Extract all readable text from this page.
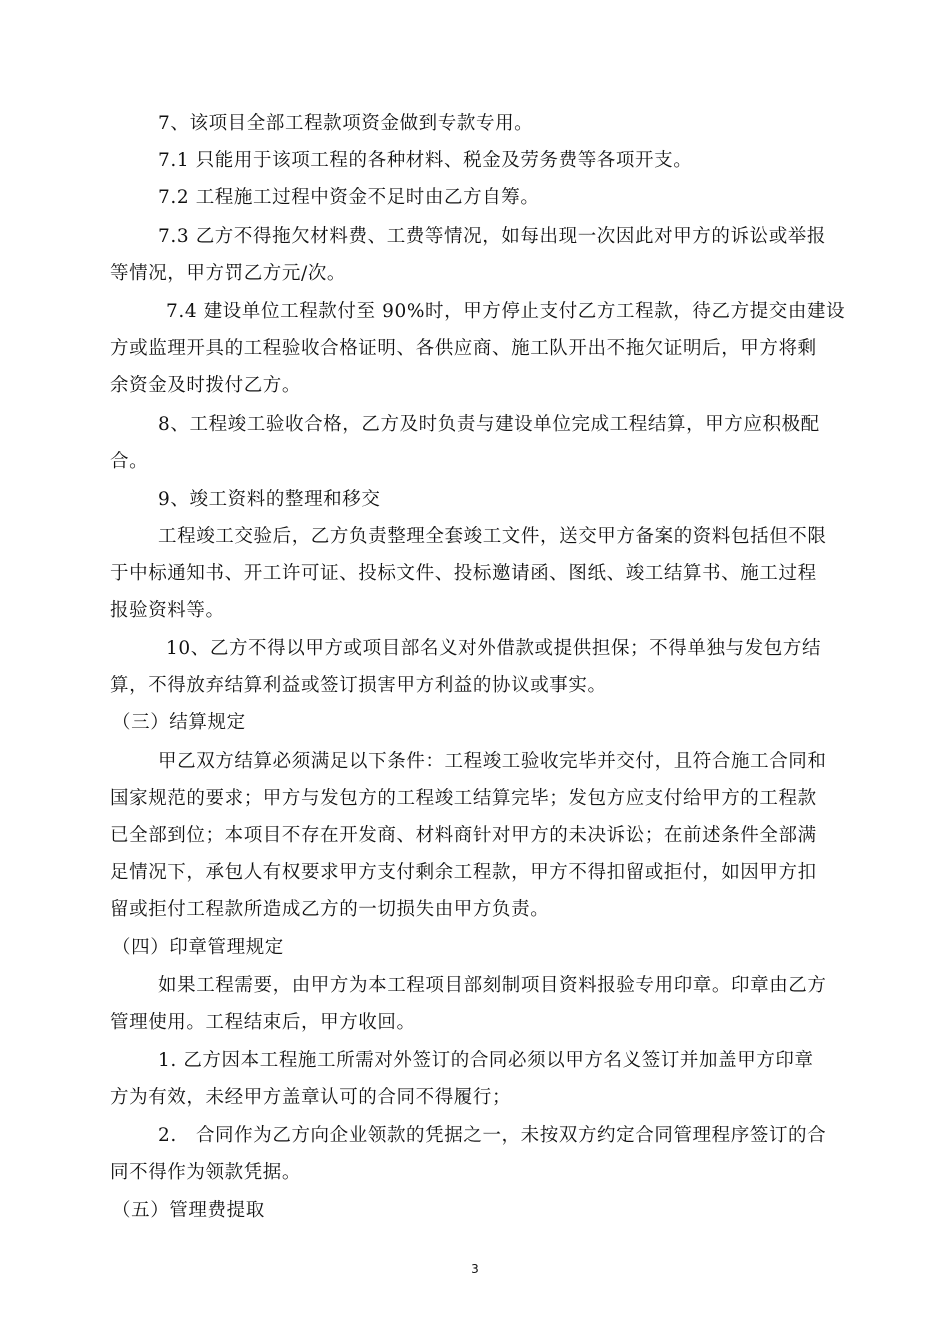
7、该项目全部工程款项资金做到专款专用。
7.1 只能用于该项工程的各种材料、税金及劳务费等各项开支。
7.2 工程施工过程中资金不足时由乙方自筹。
7.3 乙方不得拖欠材料费、工费等情况，如每出现一次因此对甲方的诉讼或举报
等情况，甲方罚乙方元/次。
7.4 建设单位工程款付至 90%时，甲方停止支付乙方工程款，待乙方提交由建设
方或监理开具的工程验收合格证明、各供应商、施工队开出不拖欠证明后，甲方将剩
余资金及时拨付乙方。
8、工程竣工验收合格，乙方及时负责与建设单位完成工程结算，甲方应积极配
合。
9、竣工资料的整理和移交
工程竣工交验后，乙方负责整理全套竣工文件，送交甲方备案的资料包括但不限
于中标通知书、开工许可证、投标文件、投标邀请函、图纸、竣工结算书、施工过程
报验资料等。
10、乙方不得以甲方或项目部名义对外借款或提供担保；不得单独与发包方结
算，不得放弃结算利益或签订损害甲方利益的协议或事实。
（三）结算规定
甲乙双方结算必须满足以下条件：工程竣工验收完毕并交付，且符合施工合同和
国家规范的要求；甲方与发包方的工程竣工结算完毕；发包方应支付给甲方的工程款
已全部到位；本项目不存在开发商、材料商针对甲方的未决诉讼；在前述条件全部满
足情况下，承包人有权要求甲方支付剩余工程款，甲方不得扣留或拒付，如因甲方扣
留或拒付工程款所造成乙方的一切损失由甲方负责。
（四）印章管理规定
如果工程需要，由甲方为本工程项目部刻制项目资料报验专用印章。印章由乙方
管理使用。工程结束后，甲方收回。
1. 乙方因本工程施工所需对外签订的合同必须以甲方名义签订并加盖甲方印章
方为有效，未经甲方盖章认可的合同不得履行；
2.　合同作为乙方向企业领款的凭据之一，未按双方约定合同管理程序签订的合
同不得作为领款凭据。
（五）管理费提取
3
